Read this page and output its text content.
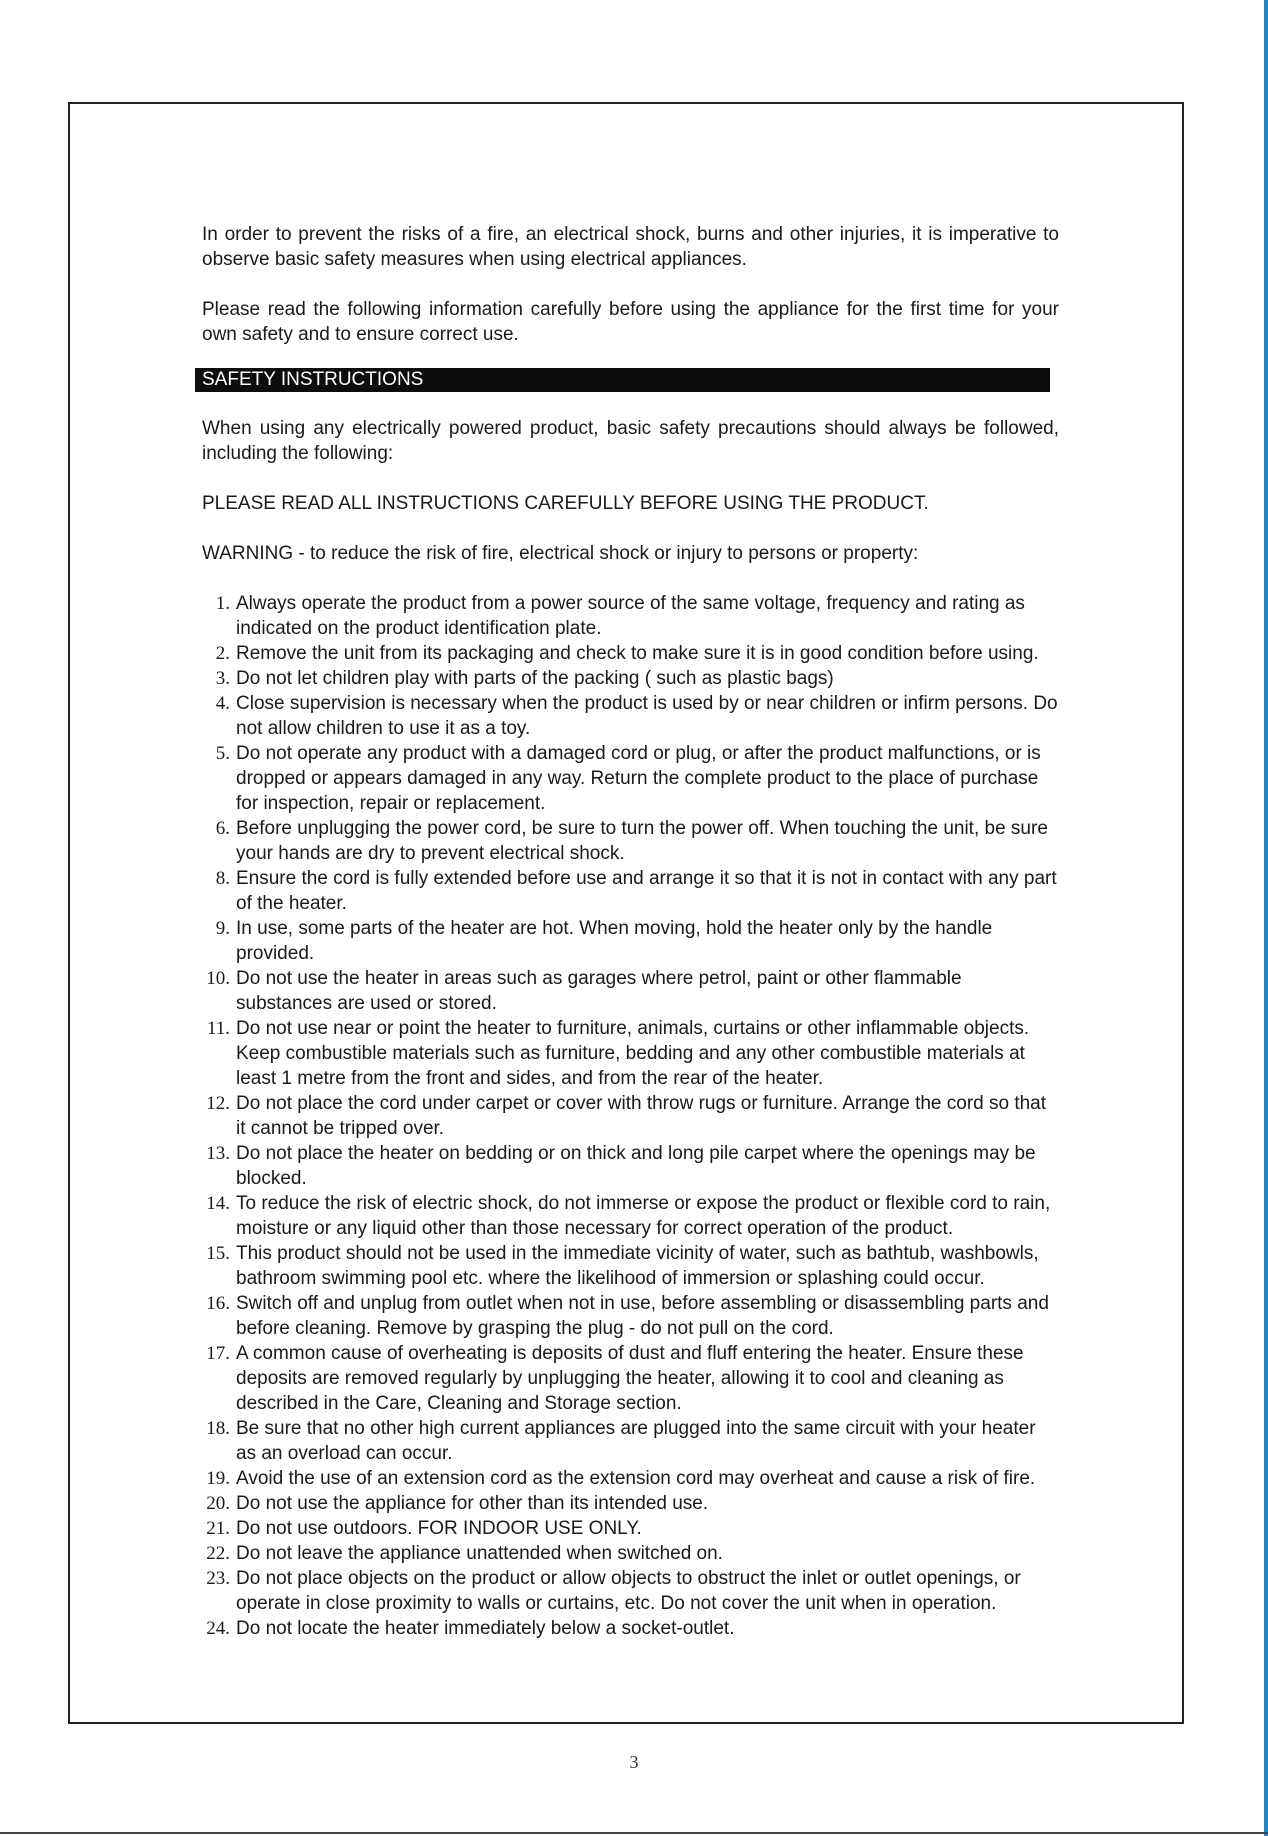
In order to prevent the risks of a fire, an electrical shock, burns and other injuries, it is imperative to observe basic safety measures when using electrical appliances.

Please read the following information carefully before using the appliance for the first time for your own safety and to ensure correct use.

SAFETY INSTRUCTIONS

When using any electrically powered product, basic safety precautions should always be followed, including the following:

PLEASE READ ALL INSTRUCTIONS CAREFULLY BEFORE USING THE PRODUCT.

WARNING - to reduce the risk of fire, electrical shock or injury to persons or property:

1. Always operate the product from a power source of the same voltage, frequency and rating as indicated on the product identification plate.
2. Remove the unit from its packaging and check to make sure it is in good condition before using.
3. Do not let children play with parts of the packing ( such as plastic bags)
4. Close supervision is necessary when the product is used by or near children or infirm persons. Do not allow children to use it as a toy.
5. Do not operate any product with a damaged cord or plug, or after the product malfunctions, or is dropped or appears damaged in any way. Return the complete product to the place of purchase for inspection, repair or replacement.
6. Before unplugging the power cord, be sure to turn the power off. When touching the unit, be sure your hands are dry to prevent electrical shock.
8. Ensure the cord is fully extended before use and arrange it so that it is not in contact with any part of the heater.
9. In use, some parts of the heater are hot. When moving, hold the heater only by the handle provided.
10. Do not use the heater in areas such as garages where petrol, paint or other flammable substances are used or stored.
11. Do not use near or point the heater to furniture, animals, curtains or other inflammable objects. Keep combustible materials such as furniture, bedding and any other combustible materials at least 1 metre from the front and sides, and from the rear of the heater.
12. Do not place the cord under carpet or cover with throw rugs or furniture. Arrange the cord so that it cannot be tripped over.
13. Do not place the heater on bedding or on thick and long pile carpet where the openings may be blocked.
14. To reduce the risk of electric shock, do not immerse or expose the product or flexible cord to rain, moisture or any liquid other than those necessary for correct operation of the product.
15. This product should not be used in the immediate vicinity of water, such as bathtub, washbowls, bathroom swimming pool etc. where the likelihood of immersion or splashing could occur.
16. Switch off and unplug from outlet when not in use, before assembling or disassembling parts and before cleaning. Remove by grasping the plug - do not pull on the cord.
17. A common cause of overheating is deposits of dust and fluff entering the heater. Ensure these deposits are removed regularly by unplugging the heater, allowing it to cool and cleaning as described in the Care, Cleaning and Storage section.
18. Be sure that no other high current appliances are plugged into the same circuit with your heater as an overload can occur.
19. Avoid the use of an extension cord as the extension cord may overheat and cause a risk of fire.
20. Do not use the appliance for other than its intended use.
21. Do not use outdoors. FOR INDOOR USE ONLY.
22. Do not leave the appliance unattended when switched on.
23. Do not place objects on the product or allow objects to obstruct the inlet or outlet openings, or operate in close proximity to walls or curtains, etc. Do not cover the unit when in operation.
24. Do not locate the heater immediately below a socket-outlet.
3
